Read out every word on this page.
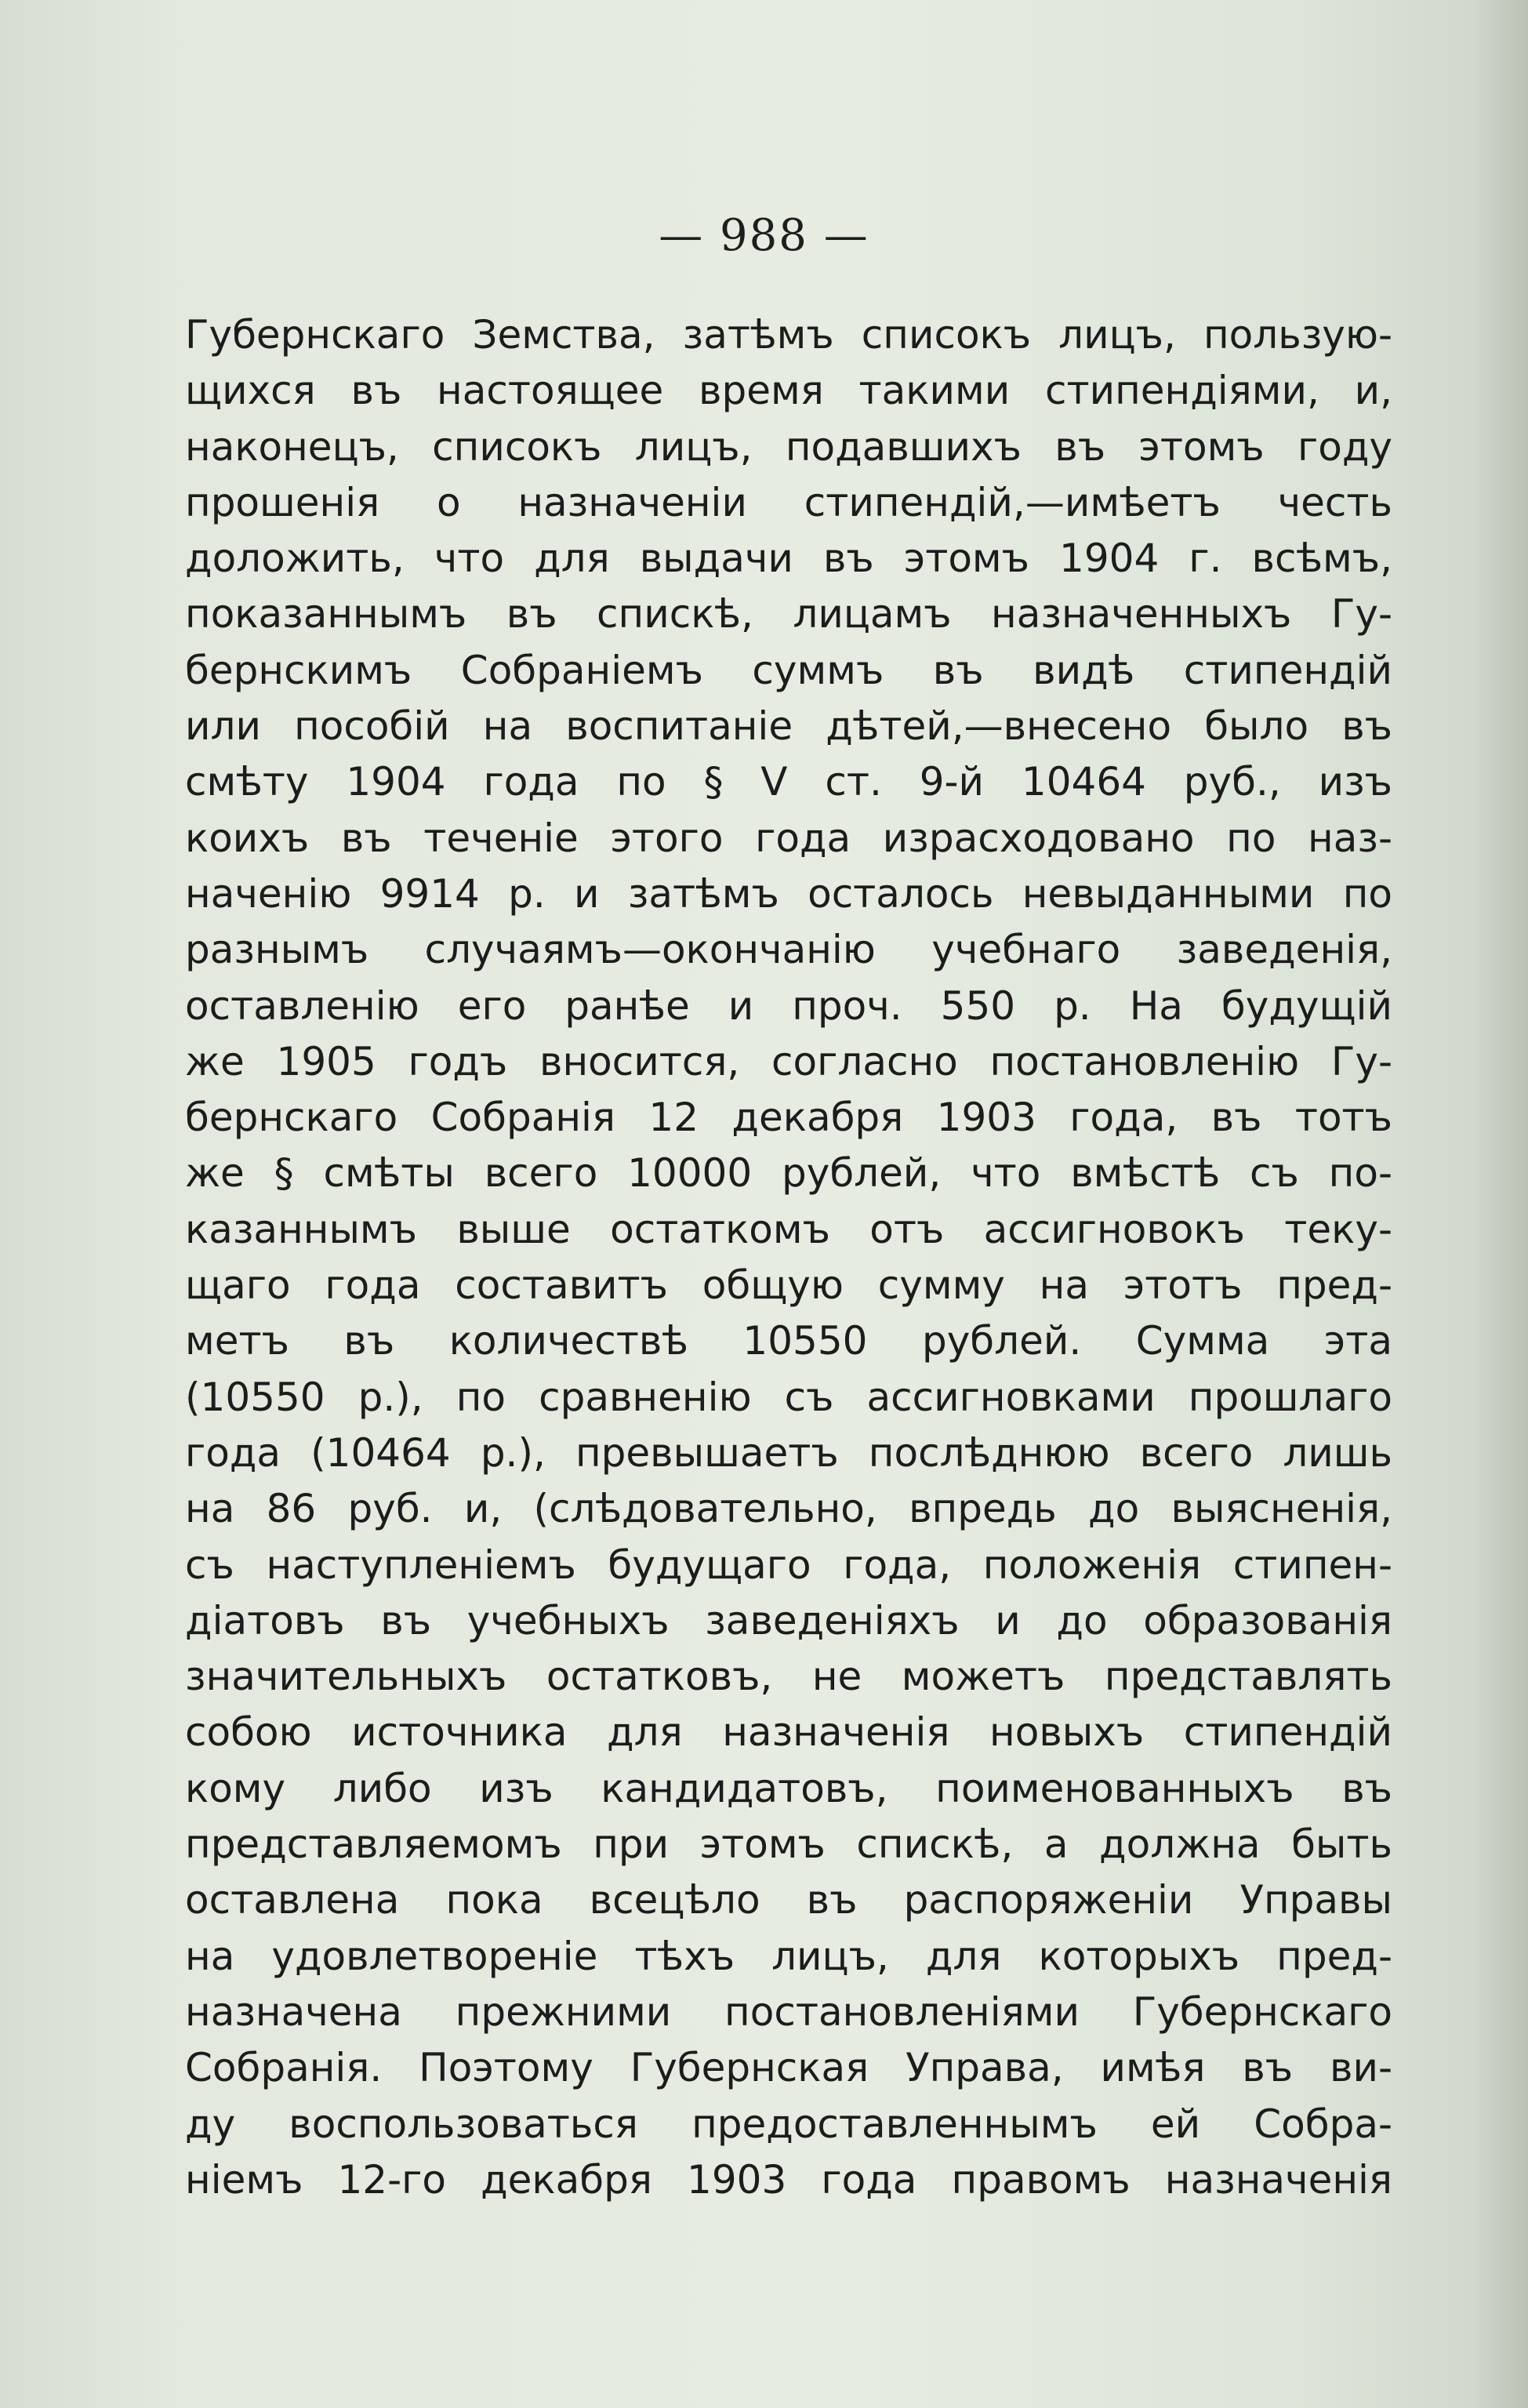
— 988 —

Губернскаго Земства, затѣмъ списокъ лицъ, пользую-
щихся въ настоящее время такими стипендіями, и,
наконецъ, списокъ лицъ, подавшихъ въ этомъ году
прошенія о назначеніи стипендій,—имѣетъ честь
доложить, что для выдачи въ этомъ 1904 г. всѣмъ,
показаннымъ въ спискѣ, лицамъ назначенныхъ Гу-
бернскимъ Собраніемъ суммъ въ видѣ стипендій
или пособій на воспитаніе дѣтей,—внесено было въ
смѣту 1904 года по § V ст. 9-й 10464 руб., изъ
коихъ въ теченіе этого года израсходовано по наз-
наченію 9914 р. и затѣмъ осталось невыданными по
разнымъ случаямъ—окончанію учебнаго заведенія,
оставленію его ранѣе и проч. 550 р. На будущій
же 1905 годъ вносится, согласно постановленію Гу-
бернскаго Собранія 12 декабря 1903 года, въ тотъ
же § смѣты всего 10000 рублей, что вмѣстѣ съ по-
казаннымъ выше остаткомъ отъ ассигновокъ теку-
щаго года составитъ общую сумму на этотъ пред-
метъ въ количествѣ 10550 рублей. Сумма эта
(10550 р.), по сравненію съ ассигновками прошлаго
года (10464 р.), превышаетъ послѣднюю всего лишь
на 86 руб. и, (слѣдовательно, впредь до выясненія,
съ наступленіемъ будущаго года, положенія стипен-
діатовъ въ учебныхъ заведеніяхъ и до образованія
значительныхъ остатковъ, не можетъ представлять
собою источника для назначенія новыхъ стипендій
кому либо изъ кандидатовъ, поименованныхъ въ
представляемомъ при этомъ спискѣ, а должна быть
оставлена пока всецѣло въ распоряженіи Управы
на удовлетвореніе тѣхъ лицъ, для которыхъ пред-
назначена прежними постановленіями Губернскаго
Собранія. Поэтому Губернская Управа, имѣя въ ви-
ду воспользоваться предоставленнымъ ей Собра-
ніемъ 12-го декабря 1903 года правомъ назначенія
